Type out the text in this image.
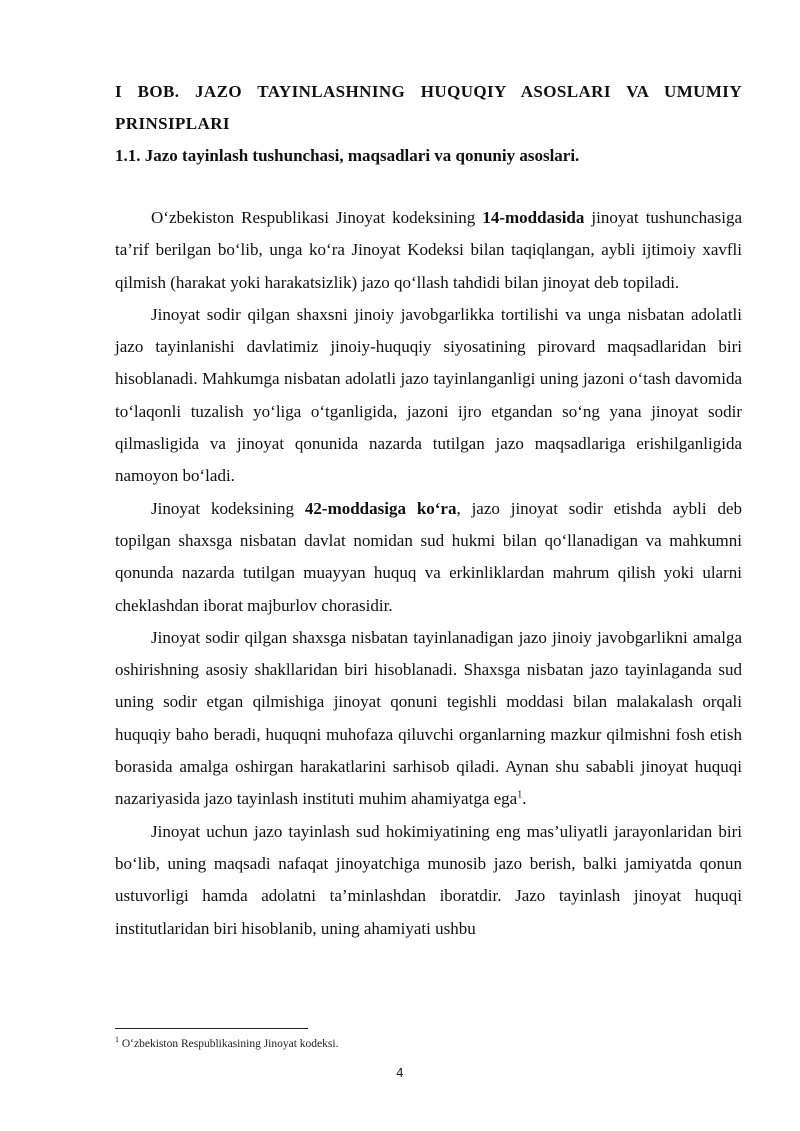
I BOB. JAZO TAYINLASHNING HUQUQIY ASOSLARI VA UMUMIY PRINSIPLARI
1.1. Jazo tayinlash tushunchasi, maqsadlari va qonuniy asoslari.

O‘zbekiston Respublikasi Jinoyat kodeksining 14-moddasida jinoyat tushunchasiga ta’rif berilgan bo‘lib, unga ko‘ra Jinoyat Kodeksi bilan taqiqlangan, aybli ijtimoiy xavfli qilmish (harakat yoki harakatsizlik) jazo qo‘llash tahdidi bilan jinoyat deb topiladi.

Jinoyat sodir qilgan shaxsni jinoiy javobgarlikka tortilishi va unga nisbatan adolatli jazo tayinlanishi davlatimiz jinoiy-huquqiy siyosatining pirovard maqsadlaridan biri hisoblanadi. Mahkumga nisbatan adolatli jazo tayinlanganligi uning jazoni o‘tash davomida to‘laqonli tuzalish yo‘liga o‘tganligida, jazoni ijro etgandan so‘ng yana jinoyat sodir qilmasligida va jinoyat qonunida nazarda tutilgan jazo maqsadlariga erishilganligida namoyon bo‘ladi.

Jinoyat kodeksining 42-moddasiga ko‘ra, jazo jinoyat sodir etishda aybli deb topilgan shaxsga nisbatan davlat nomidan sud hukmi bilan qo‘llanadigan va mahkumni qonunda nazarda tutilgan muayyan huquq va erkinliklardan mahrum qilish yoki ularni cheklashdan iborat majburlov chorasidir.

Jinoyat sodir qilgan shaxsga nisbatan tayinlanadigan jazo jinoiy javobgarlikni amalga oshirishning asosiy shakllaridan biri hisoblanadi. Shaxsga nisbatan jazo tayinlaganda sud uning sodir etgan qilmishiga jinoyat qonuni tegishli moddasi bilan malakalash orqali huquqiy baho beradi, huquqni muhofaza qiluvchi organlarning mazkur qilmishni fosh etish borasida amalga oshirgan harakatlarini sarhisob qiladi. Aynan shu sababli jinoyat huquqi nazariyasida jazo tayinlash instituti muhim ahamiyatga ega$^1$.

Jinoyat uchun jazo tayinlash sud hokimiyatining eng mas’uliyatli jarayonlaridan biri bo‘lib, uning maqsadi nafaqat jinoyatchiga munosib jazo berish, balki jamiyatda qonun ustuvorligi hamda adolatni ta’minlashdan iboratdir. Jazo tayinlash jinoyat huquqi institutlaridan biri hisoblanib, uning ahamiyati ushbu

$^1$ O‘zbekiston Respublikasining Jinoyat kodeksi.
4
